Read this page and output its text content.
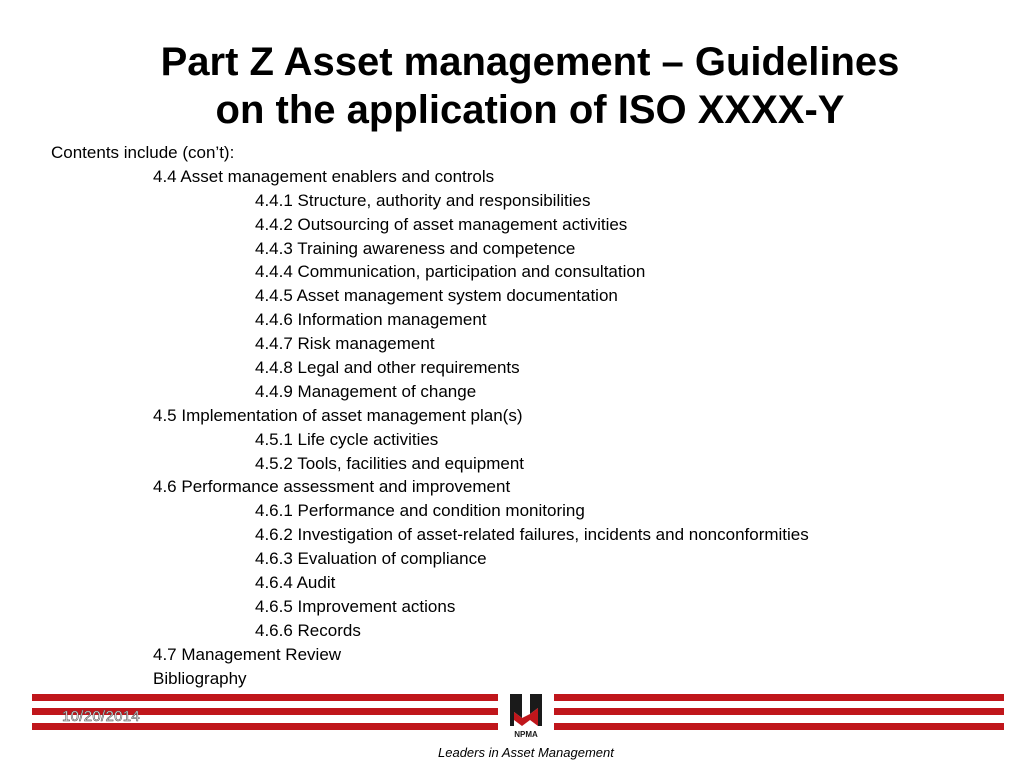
Part Z Asset management – Guidelines
on the application of ISO XXXX-Y
Contents include (con’t):
4.4 Asset management enablers and controls
4.4.1 Structure, authority and responsibilities
4.4.2 Outsourcing of asset management activities
4.4.3 Training awareness and competence
4.4.4 Communication, participation and consultation
4.4.5 Asset management system documentation
4.4.6 Information management
4.4.7 Risk management
4.4.8 Legal and other requirements
4.4.9 Management of change
4.5 Implementation of asset management plan(s)
4.5.1 Life cycle activities
4.5.2 Tools, facilities and equipment
4.6 Performance assessment and improvement
4.6.1 Performance and condition monitoring
4.6.2 Investigation of asset-related failures, incidents and nonconformities
4.6.3 Evaluation of compliance
4.6.4 Audit
4.6.5 Improvement actions
4.6.6 Records
4.7 Management Review
Bibliography
10/20/2014
NPMA
Leaders in Asset Management
